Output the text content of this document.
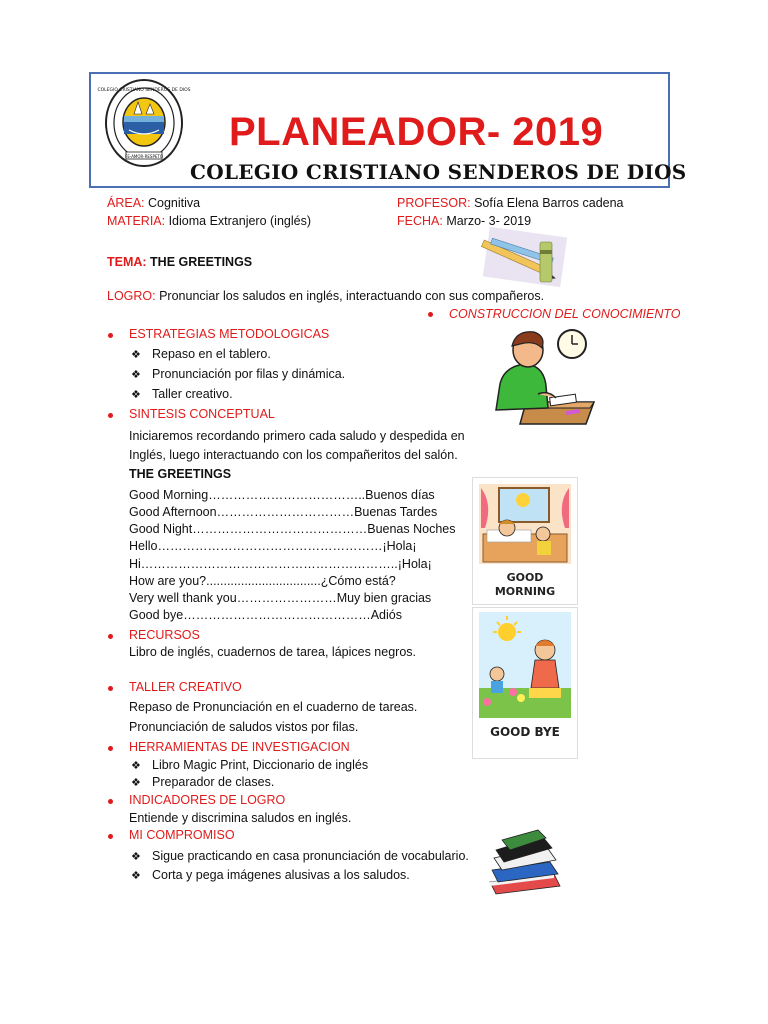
COLEGIO CRISTIANO SENDEROS DE DIOS
FE-AMOR-RESPETO
PLANEADOR- 2019
COLEGIO CRISTIANO SENDEROS DE DIOS
ÁREA: Cognitiva
MATERIA: Idioma Extranjero (inglés)
PROFESOR: Sofía Elena Barros cadena
FECHA: Marzo- 3- 2019
TEMA: THE GREETINGS
LOGRO: Pronunciar los saludos en inglés, interactuando con sus compañeros.
CONSTRUCCION DEL CONOCIMIENTO
ESTRATEGIAS METODOLOGICAS
❖ Repaso en el tablero.
❖ Pronunciación por filas y dinámica.
❖ Taller creativo.
SINTESIS CONCEPTUAL
Iniciaremos recordando primero cada saludo y despedida en
Inglés, luego interactuando con los compañeritos del salón.
THE GREETINGS
Good Morning………………………………..Buenos días
Good Afternoon……………………………Buenas Tardes
Good Night……………………………………Buenas Noches
Hello………………………………………………¡Hola¡
Hi……………………………………………………..¡Hola¡
How are you?.................................¿Cómo está?
Very well thank you……………………Muy bien gracias
Good bye………………………………………Adiós
GOOD
MORNING
GOOD BYE
RECURSOS
Libro de inglés, cuadernos de tarea, lápices negros.
TALLER CREATIVO
Repaso de Pronunciación en el cuaderno de tareas.
Pronunciación de saludos vistos por filas.
HERRAMIENTAS DE INVESTIGACION
❖ Libro Magic Print, Diccionario de inglés
❖ Preparador de clases.
INDICADORES DE LOGRO
Entiende y discrimina saludos en inglés.
MI COMPROMISO
❖ Sigue practicando en casa pronunciación de vocabulario.
❖ Corta y pega imágenes alusivas a los saludos.
